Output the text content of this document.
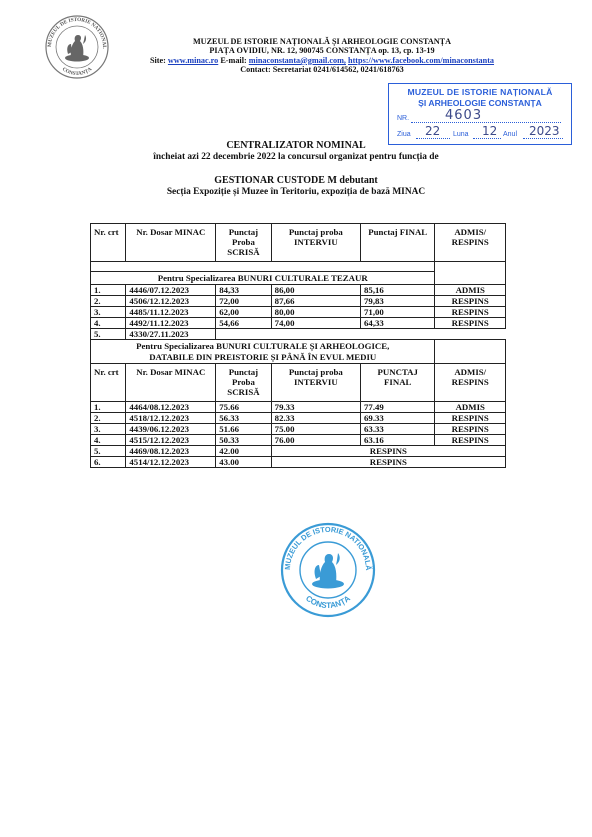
MUZEUL DE ISTORIE NATIONAL
CONSTANȚA
MUZEUL DE ISTORIE NAȚIONALĂ ȘI ARHEOLOGIE CONSTANȚA
PIAȚA OVIDIU, NR. 12, 900745 CONSTANȚA op. 13, cp. 13-19
Site: www.minac.ro E-mail: minaconstanta@gmail.com, https://www.facebook.com/minaconstanta
Contact: Secretariat 0241/614562, 0241/618763
MUZEUL DE ISTORIE NAȚIONALĂ
ȘI ARHEOLOGIE CONSTANȚA
NR.	4603
Ziua 22 Luna 12 Anul 2023
CENTRALIZATOR NOMINAL
încheiat azi 22 decembrie 2022 la concursul organizat pentru funcția de
GESTIONAR CUSTODE M debutant
Secția Expoziție și Muzee în Teritoriu, expoziția de bază MINAC
Nr. crt	Nr. Dosar MINAC	Punctaj Proba SCRISĂ	Punctaj proba INTERVIU	Punctaj FINAL	ADMIS/ RESPINS

Pentru Specializarea BUNURI CULTURALE TEZAUR					
1.	4446/07.12.2023	84,33	86,00	85,16	ADMIS
2.	4506/12.12.2023	72,00	87,66	79,83	RESPINS
3.	4485/11.12.2023	62,00	80,00	71,00	RESPINS
4.	4492/11.12.2023	54,66	74,00	64,33	RESPINS
5.	4330/27.11.2023				

Pentru Specializarea BUNURI CULTURALE ȘI ARHEOLOGICE,
DATABILE DIN PREISTORIE ȘI PÂNĂ ÎN EVUL MEDIU					

Nr. crt	Nr. Dosar MINAC	Punctaj Proba SCRISĂ	Punctaj proba INTERVIU	PUNCTAJ FINAL	ADMIS/ RESPINS
1.	4464/08.12.2023	75.66	79.33	77.49	ADMIS
2.	4518/12.12.2023	56.33	82.33	69.33	RESPINS
3.	4439/06.12.2023	51.66	75.00	63.33	RESPINS
4.	4515/12.12.2023	50.33	76.00	63.16	RESPINS
5.	4469/08.12.2023	42.00	RESPINS		
6.	4514/12.12.2023	43.00	RESPINS		
MUZEUL DE ISTORIE NATIONALĂ
CONSTANȚA
